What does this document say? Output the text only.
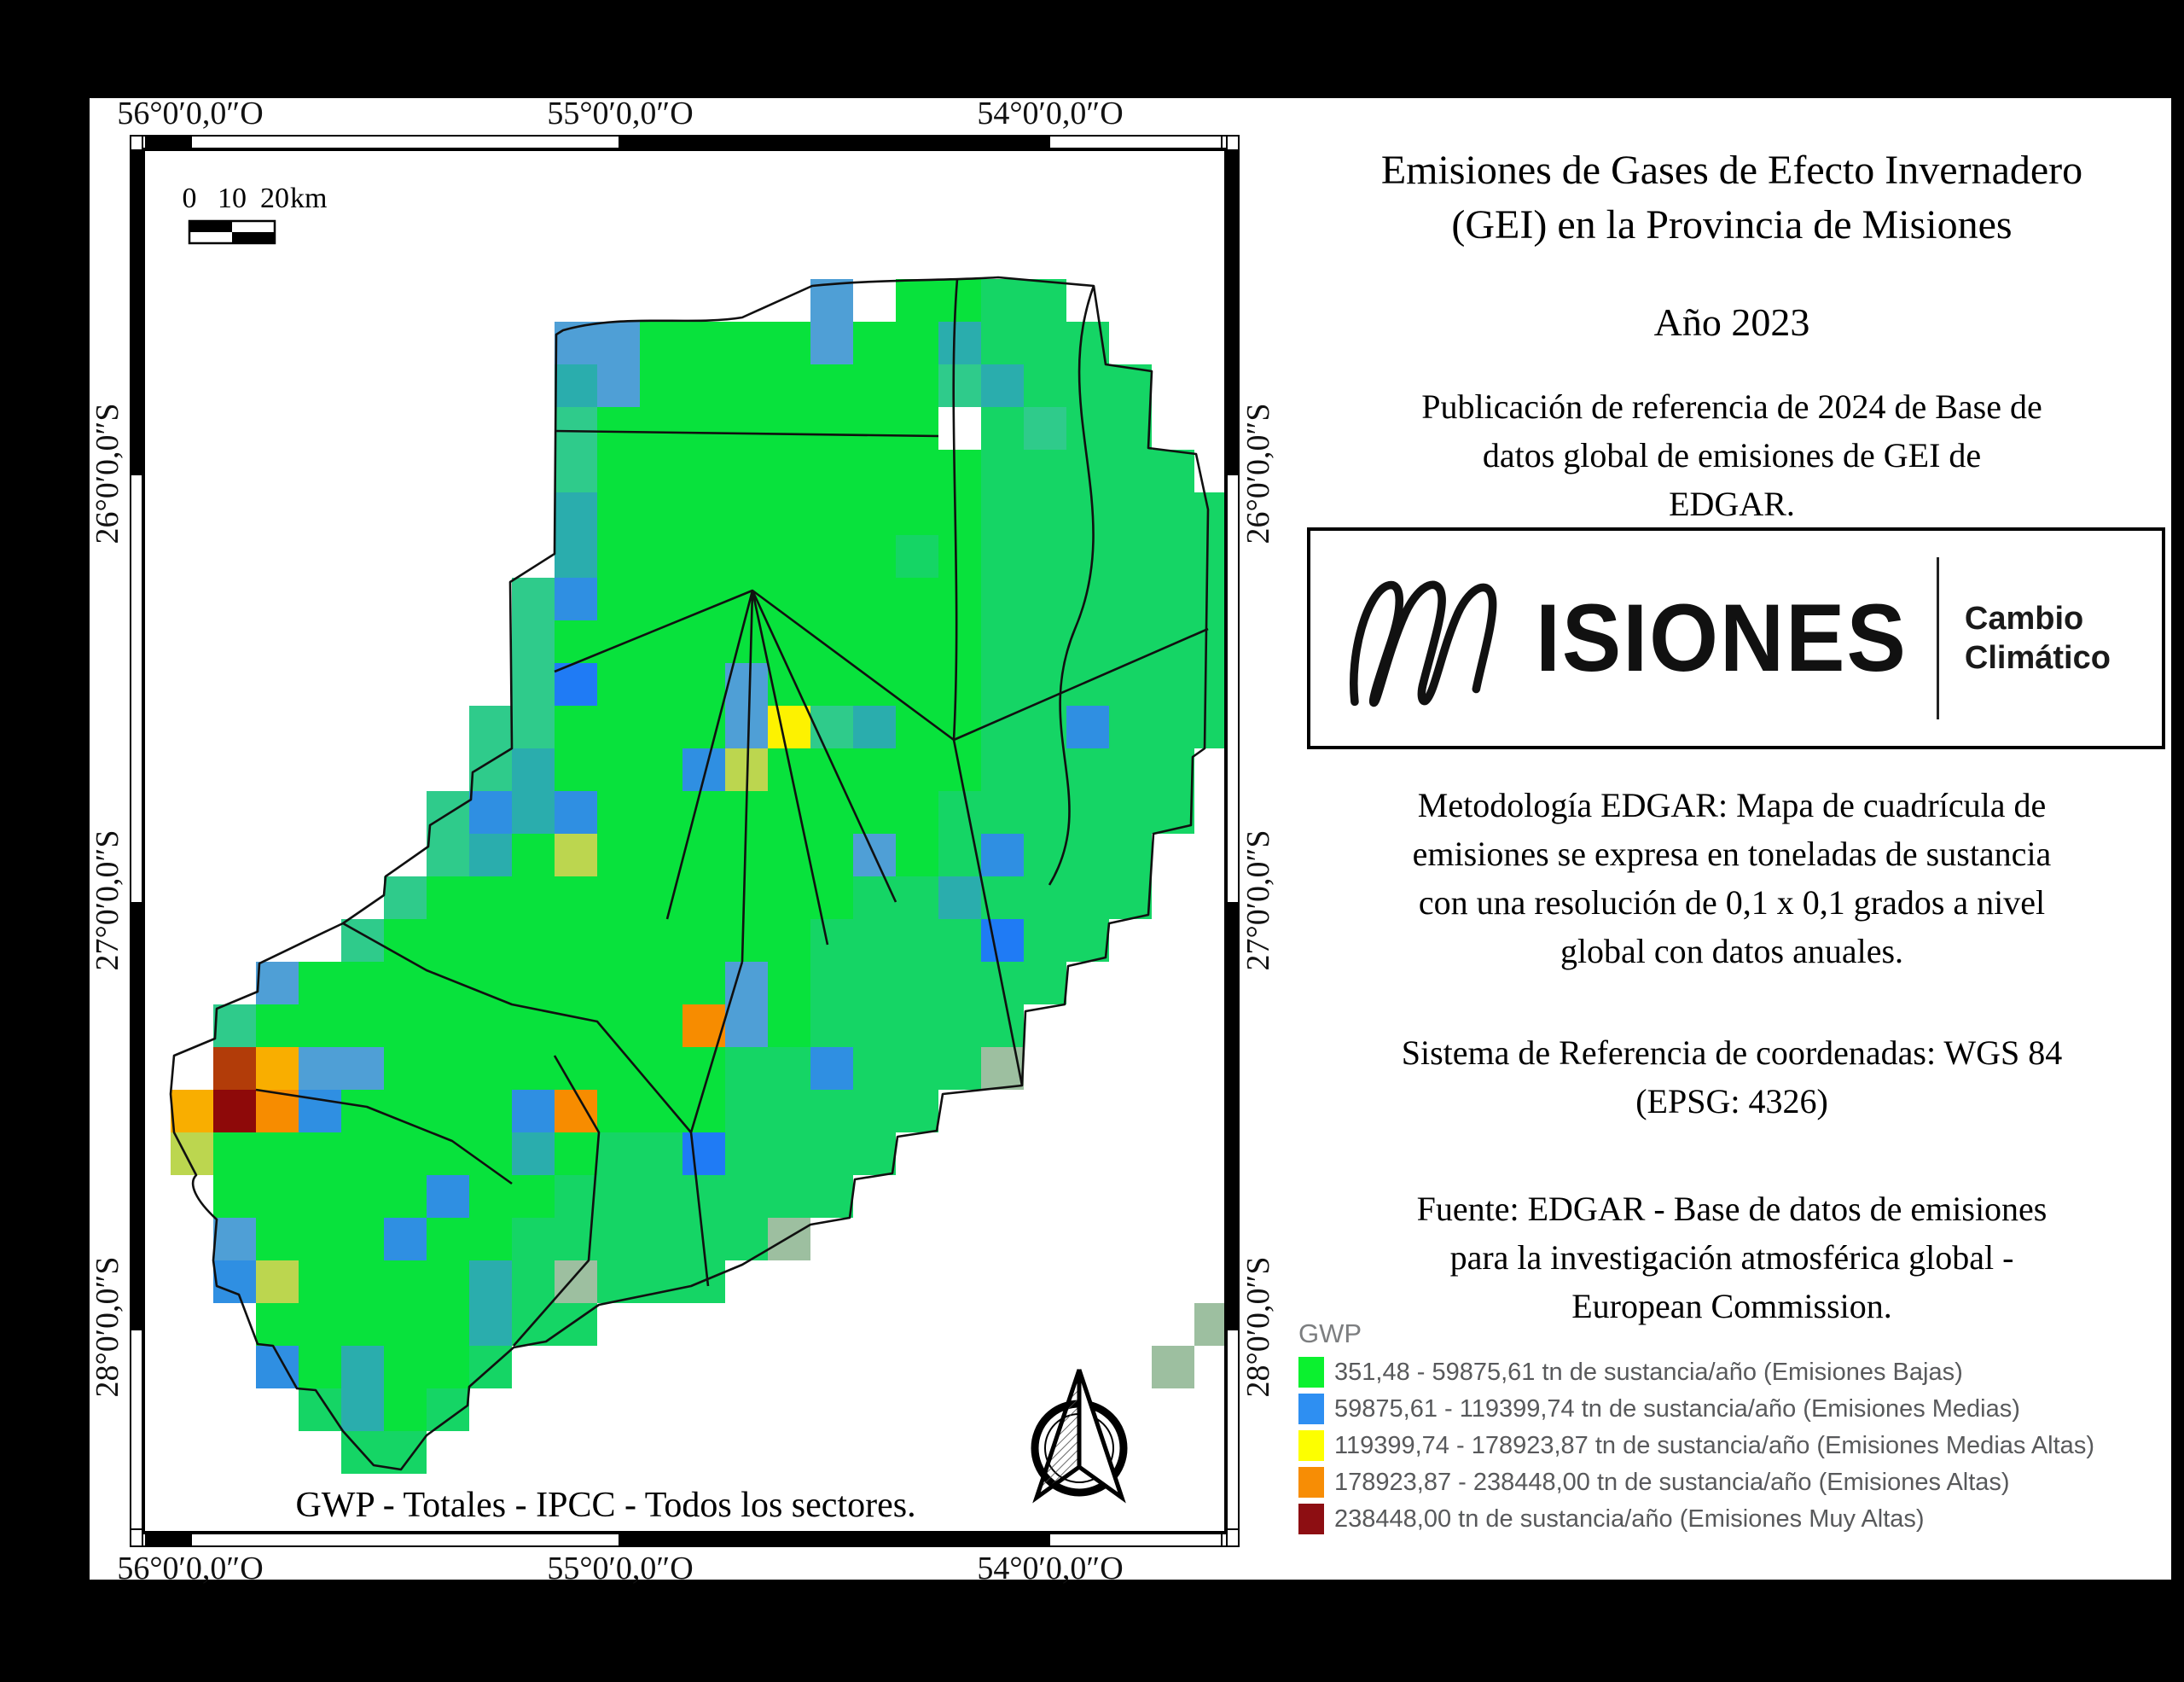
56°0′0,0″O	55°0′0,0″O	54°0′0,0″O
56°0′0,0″O	55°0′0,0″O	54°0′0,0″O
26°0′0,0″S
27°0′0,0″S
28°0′0,0″S
26°0′0,0″S
27°0′0,0″S
28°0′0,0″S
0 10 20 km
GWP - Totales - IPCC - Todos los sectores.
Emisiones de Gases de Efecto Invernadero
(GEI) en la Provincia de Misiones
Año 2023
Publicación de referencia de 2024 de Base de
datos global de emisiones de GEI de
EDGAR.
ISIONES Cambio
Climático
Metodología EDGAR: Mapa de cuadrícula de
emisiones se expresa en toneladas de sustancia
con una resolución de 0,1 x 0,1 grados a nivel
global con datos anuales.
Sistema de Referencia de coordenadas: WGS 84
(EPSG: 4326)
Fuente: EDGAR - Base de datos de emisiones
para la investigación atmosférica global -
European Commission.
GWP
351,48 - 59875,61 tn de sustancia/año (Emisiones Bajas)
59875,61 - 119399,74 tn de sustancia/año (Emisiones Medias)
119399,74 - 178923,87 tn de sustancia/año (Emisiones Medias Altas)
178923,87 - 238448,00 tn de sustancia/año (Emisiones Altas)
238448,00 tn de sustancia/año (Emisiones Muy Altas)
